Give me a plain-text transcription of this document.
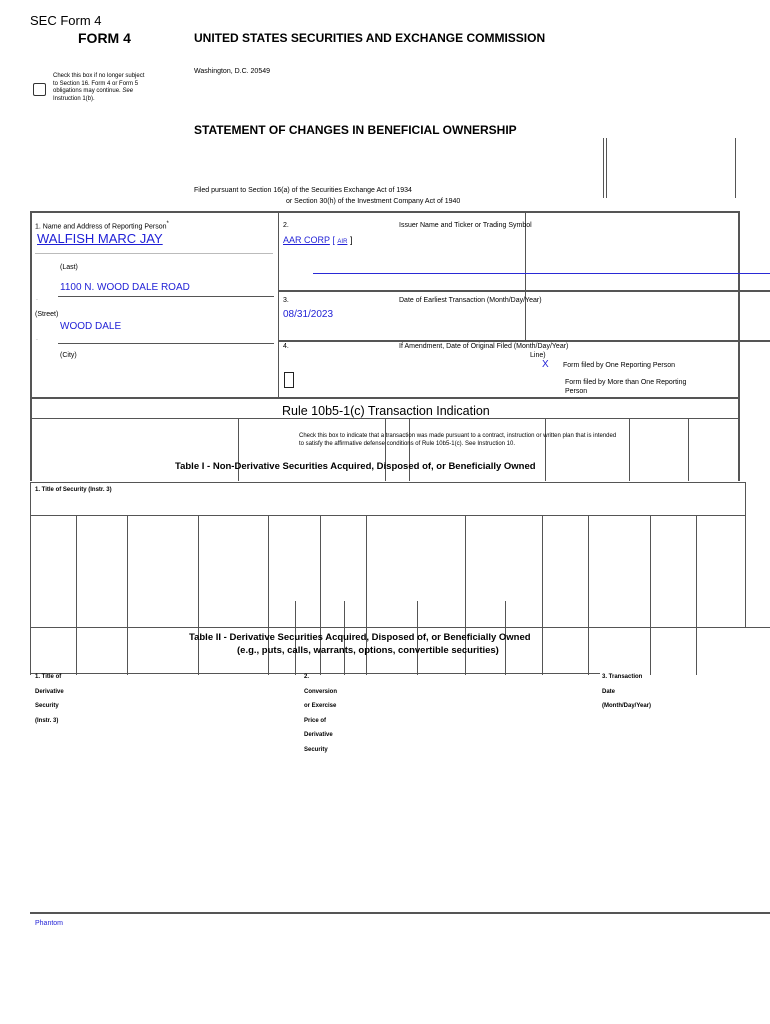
SEC Form 4
FORM 4	UNITED STATES SECURITIES AND EXCHANGE COMMISSION
Washington, D.C. 20549
Check this box if no longer subject
to Section 16. Form 4 or Form 5
obligations may continue. See
Instruction 1(b).
STATEMENT OF CHANGES IN BENEFICIAL OWNERSHIP
Filed pursuant to Section 16(a) of the Securities Exchange Act of 1934
or Section 30(h) of the Investment Company Act of 1940
1. Name and Address of Reporting Person*
WALFISH MARC JAY
(Last)
1100 N. WOOD DALE ROAD
.
(Street)
WOOD DALE
.
(City)
2.	Issuer Name and Ticker or Trading Symbol
AAR CORP [ AIR ]
3.	Date of Earliest Transaction (Month/Day/Year)
08/31/2023
4.	If Amendment, Date of Original Filed (Month/Day/Year)
Line)
X Form filed by One Reporting Person
Form filed by More than One Reporting
Person
Rule 10b5-1(c) Transaction Indication
Check this box to indicate that a transaction was made pursuant to a contract, instruction or written plan that is intended
to satisfy the affirmative defense conditions of Rule 10b5-1(c). See Instruction 10.
Table I - Non-Derivative Securities Acquired, Disposed of, or Beneficially Owned
1. Title of Security (Instr. 3)
Table II - Derivative Securities Acquired, Disposed of, or Beneficially Owned
(e.g., puts, calls, warrants, options, convertible securities)
1. Title of
Derivative
Security
(Instr. 3)
2.
Conversion
or Exercise
Price of
Derivative
Security
3. Transaction
Date
(Month/Day/Year)
Phantom
